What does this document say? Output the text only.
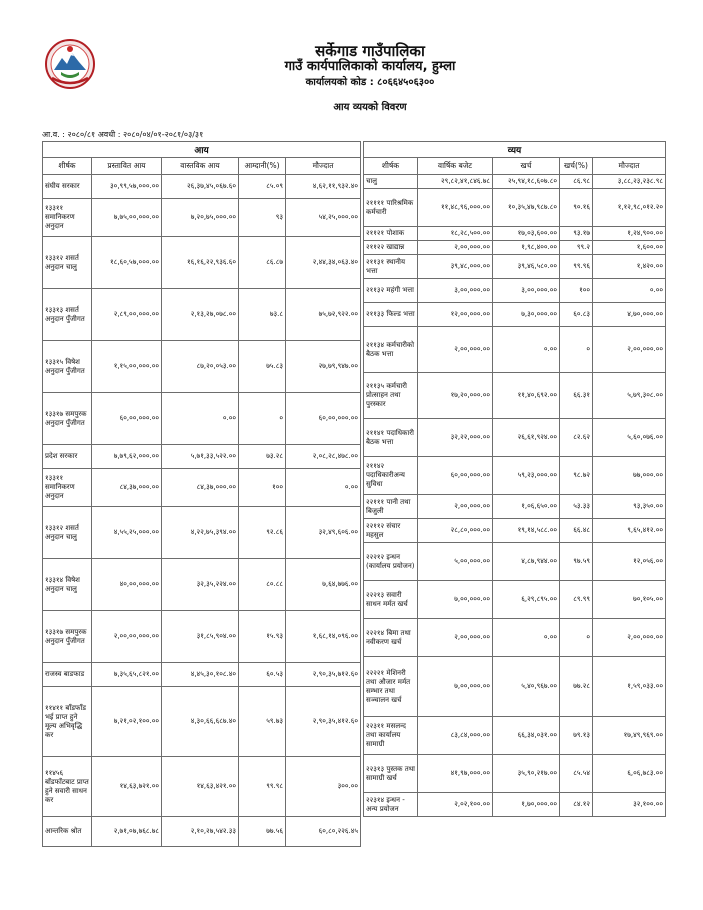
सर्केगाड गाउँपालिका
गाउँ कार्यपालिकाको कार्यालय, हुम्ला
कार्यालयको कोड : ८०६६४५०६३००
आय व्ययको विवरण
आ.व. : २०८०/८१ अवधी : २०८०/०४/०१-२०८१/०३/३१
आय				
शीर्षक	प्रस्तावित आय	वास्तविक आय	आम्दानी(%)	मौज्दात
संघीय सरकार	३०,९९,५७,०००.००	२६,३७,४५,०६७.६०	८५.०९	४,६२,११,९३२.४०
१३३११ समानिकरण अनुदान	७,७५,००,०००.००	७,२०,७५,०००.००	९३	५४,२५,०००.००
१३३१२ शसर्त अनुदान चालु	१८,६०,५७,०००.००	१६,१६,२२,९३६.६०	८६.८७	२,४४,३४,०६३.४०
१३३१३ शसर्त अनुदान पुँजीगत	२,८९,००,०००.००	२,१३,२७,०७८.००	७३.८	७५,७२,९२२.००
१३३१५ विषेश अनुदान पुँजीगत	१,१५,००,०००.००	८७,२०,०५३.००	७५.८३	२७,७९,९४७.००
१३३१७ समपुरक अनुदान पुँजीगत	६०,००,०००.००	०.००	०	६०,००,०००.००
प्रदेश सरकार	७,७९,६२,०००.००	५,७१,३३,५२२.००	७३.२८	२,०८,२८,४७८.००
१३३११ समानिकरण अनुदान	८४,३७,०००.००	८४,३७,०००.००	१००	०.००
१३३१२ शसर्त अनुदान चालु	४,५५,२५,०००.००	४,२२,७५,३९४.००	९२.८६	३२,४९,६०६.००
१३३१४ विषेश अनुदान चालु	४०,००,०००.००	३२,३५,२२४.००	८०.८८	७,६४,७७६.००
१३३१७ समपुरक अनुदान पुँजीगत	२,००,००,०००.००	३१,८५,९०४.००	१५.९३	१,६८,१४,०९६.००
राजस्व बाडफाड	७,३५,६५,८२१.००	४,४५,३०,१०८.४०	६०.५३	२,९०,३५,७१२.६०
११४११ बाँडफाँड भई प्राप्त हुने मूल्य अभिवृद्धि कर	७,२१,०२,१००.००	४,३०,६६,६८७.४०	५९.७३	२,९०,३५,४१२.६०
११४५६ बाँडफाँटबाट प्राप्त हुने सवारी साधन कर	१४,६३,७२१.००	१४,६३,४२१.००	९९.९८	३००.००
आन्तरिक श्रोत	२,७१,०७,७६८.७८	२,१०,२७,५४२.३३	७७.५६	६०,८०,२२६.४५
व्यय				
शीर्षक	वार्षिक बजेट	खर्च	खर्च(%)	मौज्दात
चालु	२९,८२,४१,८४६.७८	२५,९४,१८,६०७.८०	८६.९८	३,८८,२३,२३८.९८
२११११ पारिश्रमिक कर्मचारी	११,४८,९६,०००.००	१०,३५,४७,९८७.८०	९०.१६	१,१२,९८,०१२.२०
२११२१ पोशाक	१८,२८,५००.००	१७,०३,६००.००	९३.१७	१,२४,९००.००
२११२२ खाद्यान्न	२,००,०००.००	१,९८,४००.००	९९.२	१,६००.००
२११३१ स्थानीय भत्ता	३९,४८,०००.००	३९,४६,५८०.००	९९.९६	१,४२०.००
२११३२ महंगी भत्ता	३,००,०००.००	३,००,०००.००	१००	०.००
२११३३ फिल्ड भत्ता	१२,००,०००.००	७,३०,०००.००	६०.८३	४,७०,०००.००
२११३४ कर्मचारीको बैठक भत्ता	२,००,०००.००	०.००	०	२,००,०००.००
२११३५ कर्मचारी प्रोत्साहन तथा पुरस्कार	१७,२०,०००.००	११,४०,६९२.००	६६.३१	५,७९,३०८.००
२११४१ पदाधिकारी बैठक भत्ता	३२,२२,०००.००	२६,६१,९२४.००	८२.६२	५,६०,०७६.००
२११४२ पदाधिकारीअन्य सुविधा	६०,००,०००.००	५९,२३,०००.००	९८.७२	७७,०००.००
२२१११ पानी तथा बिजुली	२,००,०००.००	१,०६,६५०.००	५३.३३	९३,३५०.००
२२११२ संचार महसुल	२८,८०,०००.००	१९,१४,५८८.००	६६.४८	९,६५,४१२.००
२२२१२ इन्धन (कार्यालय प्रयोजन)	५,००,०००.००	४,८७,९४४.००	९७.५९	१२,०५६.००
२२२१३ सवारी साधन मर्मत खर्च	७,००,०००.००	६,२९,८९५.००	८९.९९	७०,१०५.००
२२२१४ बिमा तथा नवीकरण खर्च	२,००,०००.००	०.००	०	२,००,०००.००
२२२२१ मेशिनरी तथा औजार मर्मत सम्भार तथा सञ्चालन खर्च	७,००,०००.००	५,४०,९६७.००	७७.२८	१,५९,०३३.००
२२३११ मसलन्द तथा कार्यालय सामाग्री	८३,८४,०००.००	६६,३४,०३१.००	७९.१३	१७,४९,९६९.००
२२३१३ पुस्तक तथा सामाग्री खर्च	४१,९७,०००.००	३५,९०,२१७.००	८५.५४	६,०६,७८३.००
२२३१४ इन्धन - अन्य प्रयोजन	२,०२,१००.००	१,७०,०००.००	८४.१२	३२,१००.००
